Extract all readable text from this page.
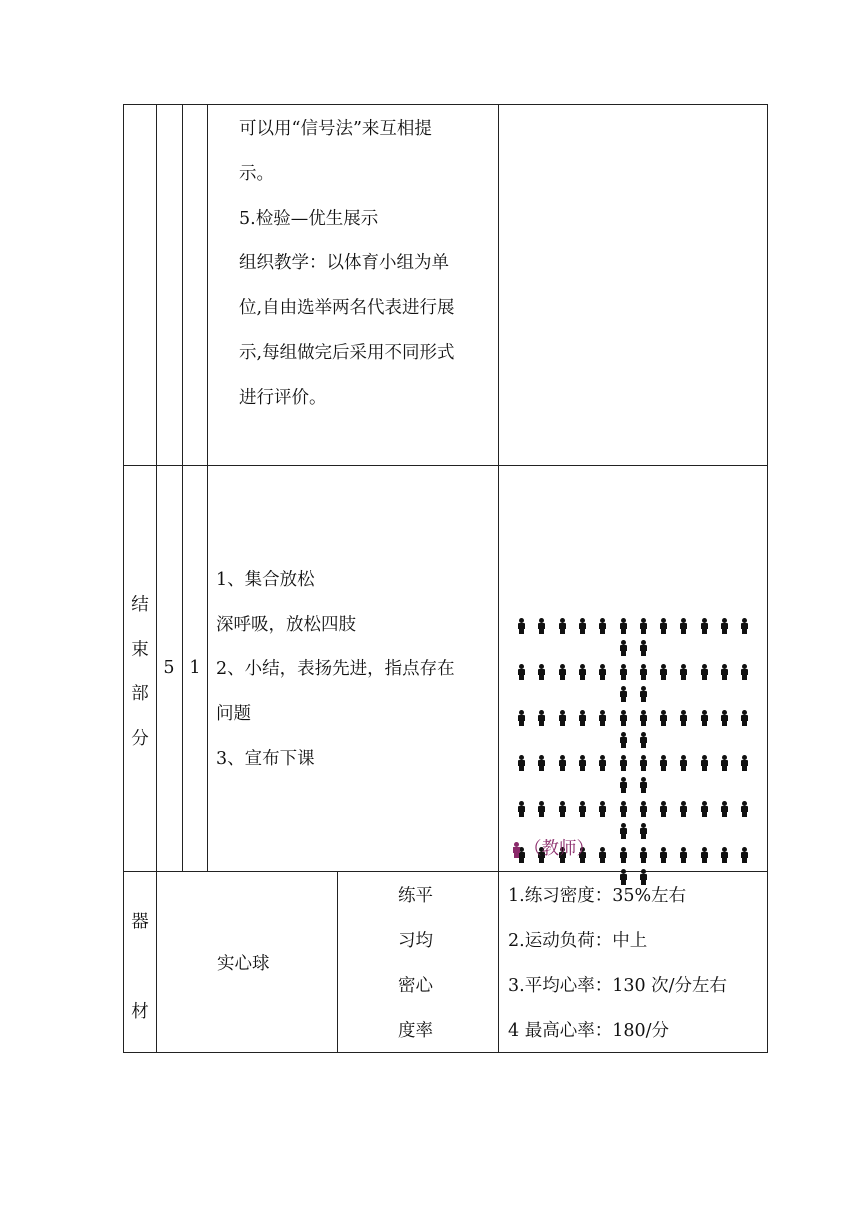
可以用“信号法”来互相提
示。
5.检验—优生展示
组织教学：以体育小组为单
位,自由选举两名代表进行展
示,每组做完后采用不同形式
进行评价。
结
束
部
分
5 1
1、集合放松
深呼吸，放松四肢
2、小结，表扬先进，指点存在
问题
3、宣布下课
（教师）
器
材
实心球
练平
习均
密心
度率
1.练习密度：35%左右
2.运动负荷：中上
3.平均心率：130 次/分左右
4 最高心率：180/分
